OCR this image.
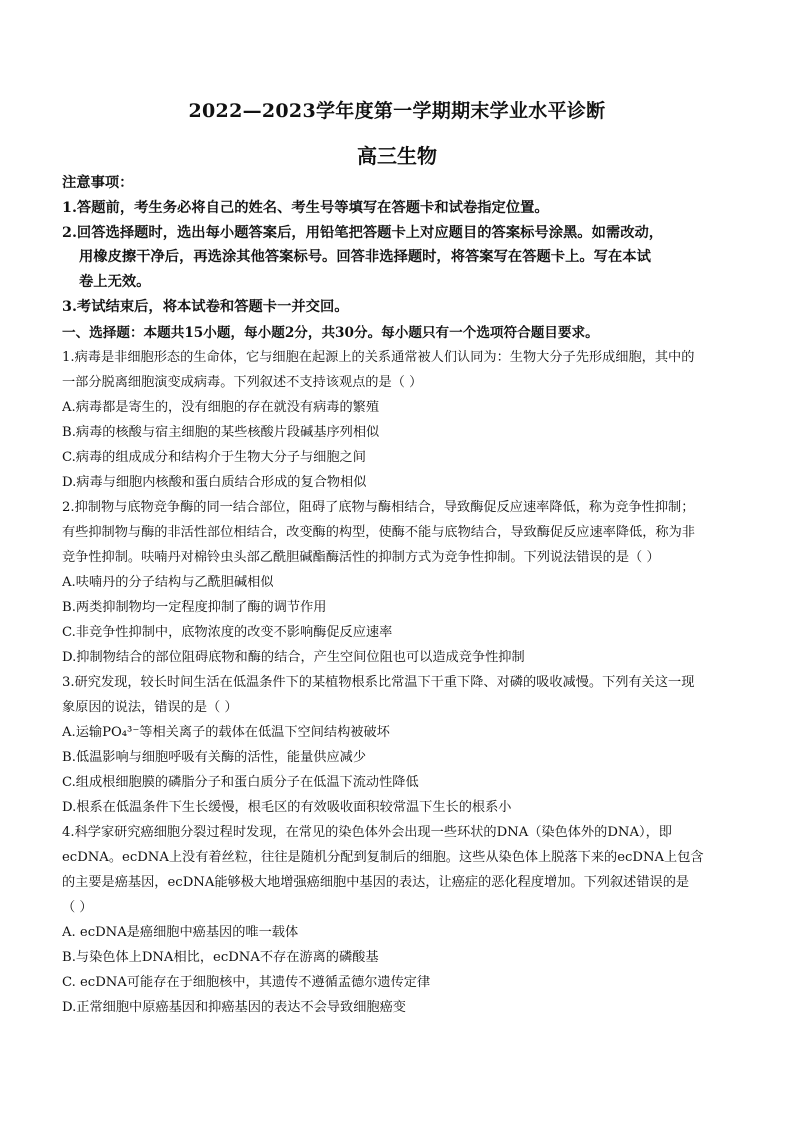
2022—2023学年度第一学期期末学业水平诊断
高三生物
注意事项：
1.答题前，考生务必将自己的姓名、考生号等填写在答题卡和试卷指定位置。
2.回答选择题时，选出每小题答案后，用铅笔把答题卡上对应题目的答案标号涂黑。如需改动，
用橡皮擦干净后，再选涂其他答案标号。回答非选择题时，将答案写在答题卡上。写在本试
卷上无效。
3.考试结束后，将本试卷和答题卡一并交回。
一、选择题：本题共15小题，每小题2分，共30分。每小题只有一个选项符合题目要求。
1.病毒是非细胞形态的生命体，它与细胞在起源上的关系通常被人们认同为：生物大分子先形成细胞，其中的
一部分脱离细胞演变成病毒。下列叙述不支持该观点的是（ ）
A.病毒都是寄生的，没有细胞的存在就没有病毒的繁殖
B.病毒的核酸与宿主细胞的某些核酸片段碱基序列相似
C.病毒的组成成分和结构介于生物大分子与细胞之间
D.病毒与细胞内核酸和蛋白质结合形成的复合物相似
2.抑制物与底物竞争酶的同一结合部位，阻碍了底物与酶相结合，导致酶促反应速率降低，称为竞争性抑制；
有些抑制物与酶的非活性部位相结合，改变酶的构型，使酶不能与底物结合，导致酶促反应速率降低，称为非
竞争性抑制。呋喃丹对棉铃虫头部乙酰胆碱酯酶活性的抑制方式为竞争性抑制。下列说法错误的是（ ）
A.呋喃丹的分子结构与乙酰胆碱相似
B.两类抑制物均一定程度抑制了酶的调节作用
C.非竞争性抑制中，底物浓度的改变不影响酶促反应速率
D.抑制物结合的部位阻碍底物和酶的结合，产生空间位阻也可以造成竞争性抑制
3.研究发现，较长时间生活在低温条件下的某植物根系比常温下干重下降、对磷的吸收减慢。下列有关这一现
象原因的说法，错误的是（ ）
A.运输PO₄³⁻等相关离子的载体在低温下空间结构被破坏
B.低温影响与细胞呼吸有关酶的活性，能量供应减少
C.组成根细胞膜的磷脂分子和蛋白质分子在低温下流动性降低
D.根系在低温条件下生长缓慢，根毛区的有效吸收面积较常温下生长的根系小
4.科学家研究癌细胞分裂过程时发现，在常见的染色体外会出现一些环状的DNA（染色体外的DNA），即
ecDNA。ecDNA上没有着丝粒，往往是随机分配到复制后的细胞。这些从染色体上脱落下来的ecDNA上包含
的主要是癌基因，ecDNA能够极大地增强癌细胞中基因的表达，让癌症的恶化程度增加。下列叙述错误的是
（ ）
A. ecDNA是癌细胞中癌基因的唯一载体
B.与染色体上DNA相比，ecDNA不存在游离的磷酸基
C. ecDNA可能存在于细胞核中，其遗传不遵循孟德尔遗传定律
D.正常细胞中原癌基因和抑癌基因的表达不会导致细胞癌变
